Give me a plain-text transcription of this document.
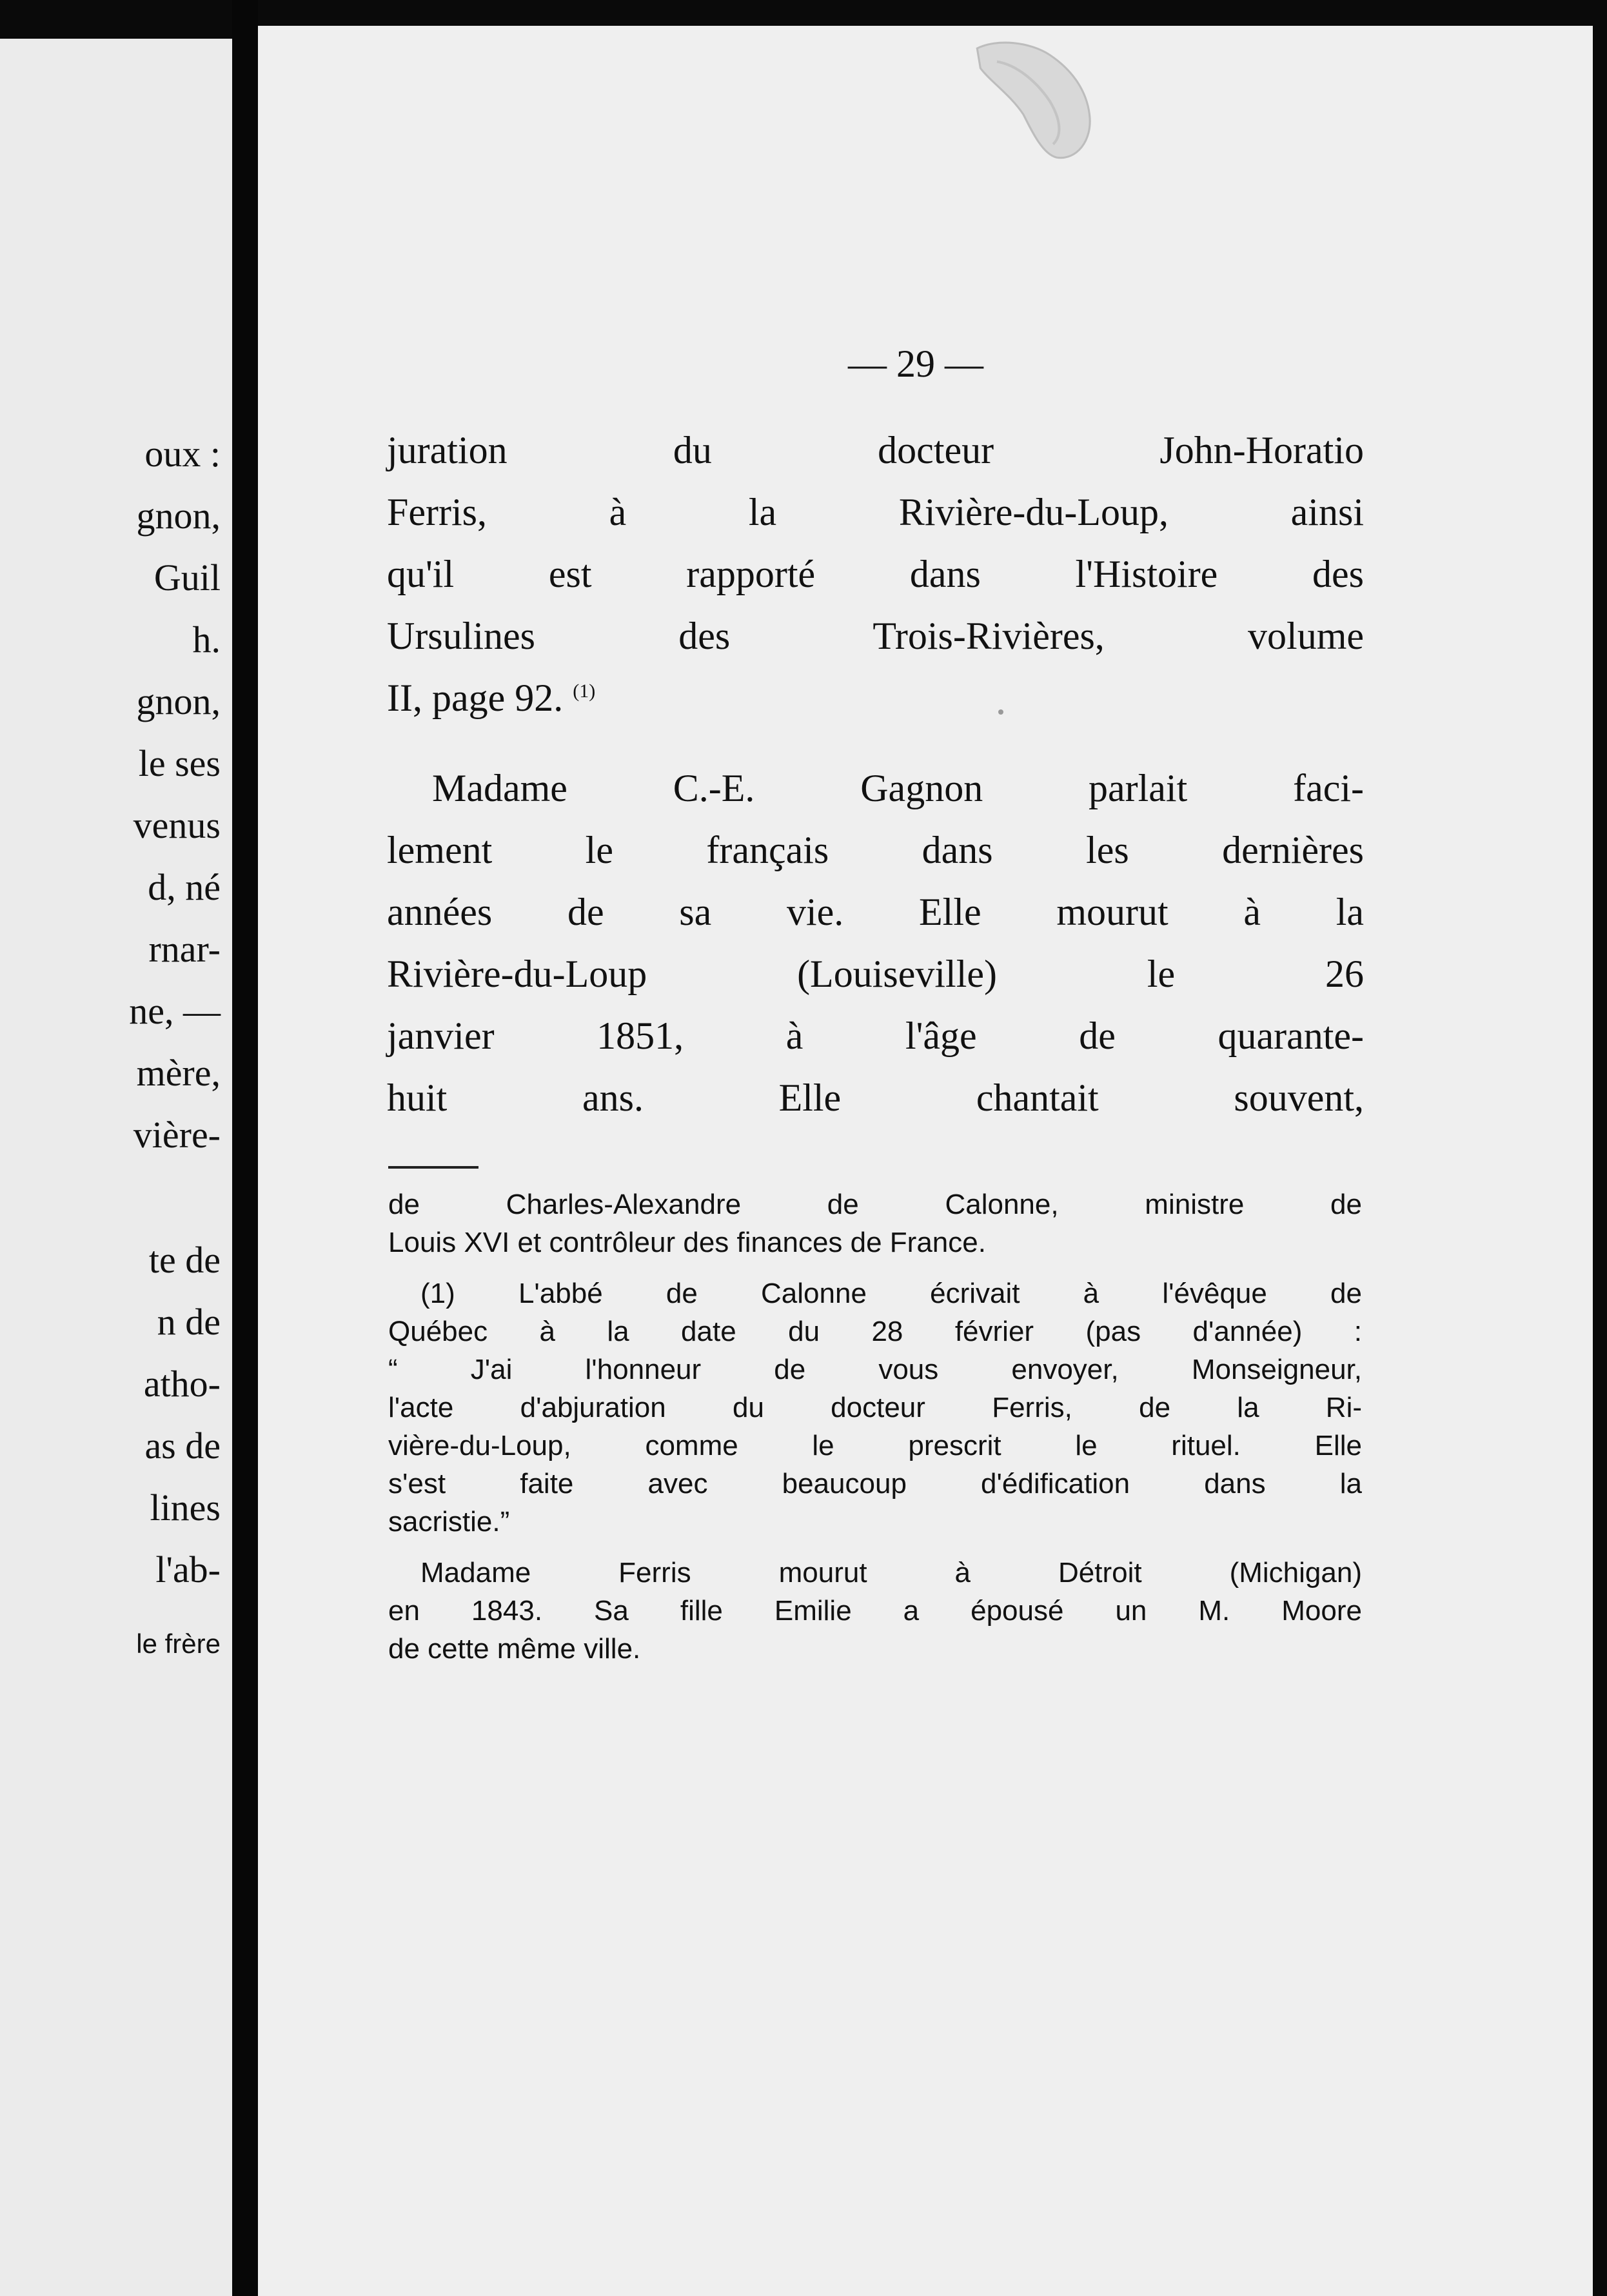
oux :
gnon,
Guil
h.
gnon,
le ses
venus
d, né
rnar-
ne, —
mère,
vière-
te de
n de
atho-
as de
lines
l'ab-
le frère
— 29 —

juration du docteur John-Horatio

Ferris, à la Rivière-du-Loup, ainsi

qu'il est rapporté dans l'Histoire des

Ursulines des Trois-Rivières, volume

II, page 92. $^{(1)}$

Madame C.-E. Gagnon parlait faci-

lement le français dans les dernières

années de sa vie. Elle mourut à la

Rivière-du-Loup (Louiseville) le 26

janvier 1851, à l'âge de quarante-

huit ans. Elle chantait souvent,

de Charles-Alexandre de Calonne, ministre de

Louis XVI et contrôleur des finances de France.

(1) L'abbé de Calonne écrivait à l'évêque de

Québec à la date du 28 février (pas d'année) :

“ J'ai l'honneur de vous envoyer, Monseigneur,

l'acte d'abjuration du docteur Ferris, de la Ri-

vière-du-Loup, comme le prescrit le rituel. Elle

s'est faite avec beaucoup d'édification dans la

sacristie.”

Madame Ferris mourut à Détroit (Michigan)

en 1843. Sa fille Emilie a épousé un M. Moore

de cette même ville.
